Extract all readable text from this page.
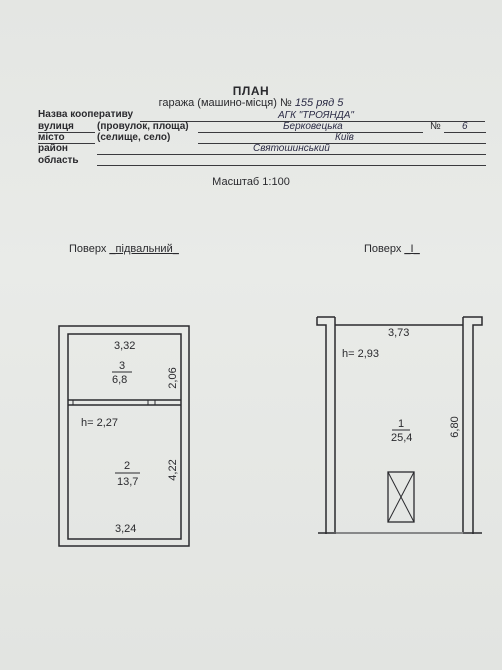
ПЛАН
гаража (машино-місця) № 155 ряд 5
Назва кооперативу	АГК "ТРОЯНДА"
вулиця (провулок, площа)	Берковецька	№ 6
місто	(селище, село)	Київ
район	Святошинський
область
Масштаб 1:100
Поверх _підвальний_	Поверх _I_
3,32
3
6,8	2,06
h= 2,27
2
13,7
4,22
3,24
3,73
h= 2,93
1
25,4
6,80
